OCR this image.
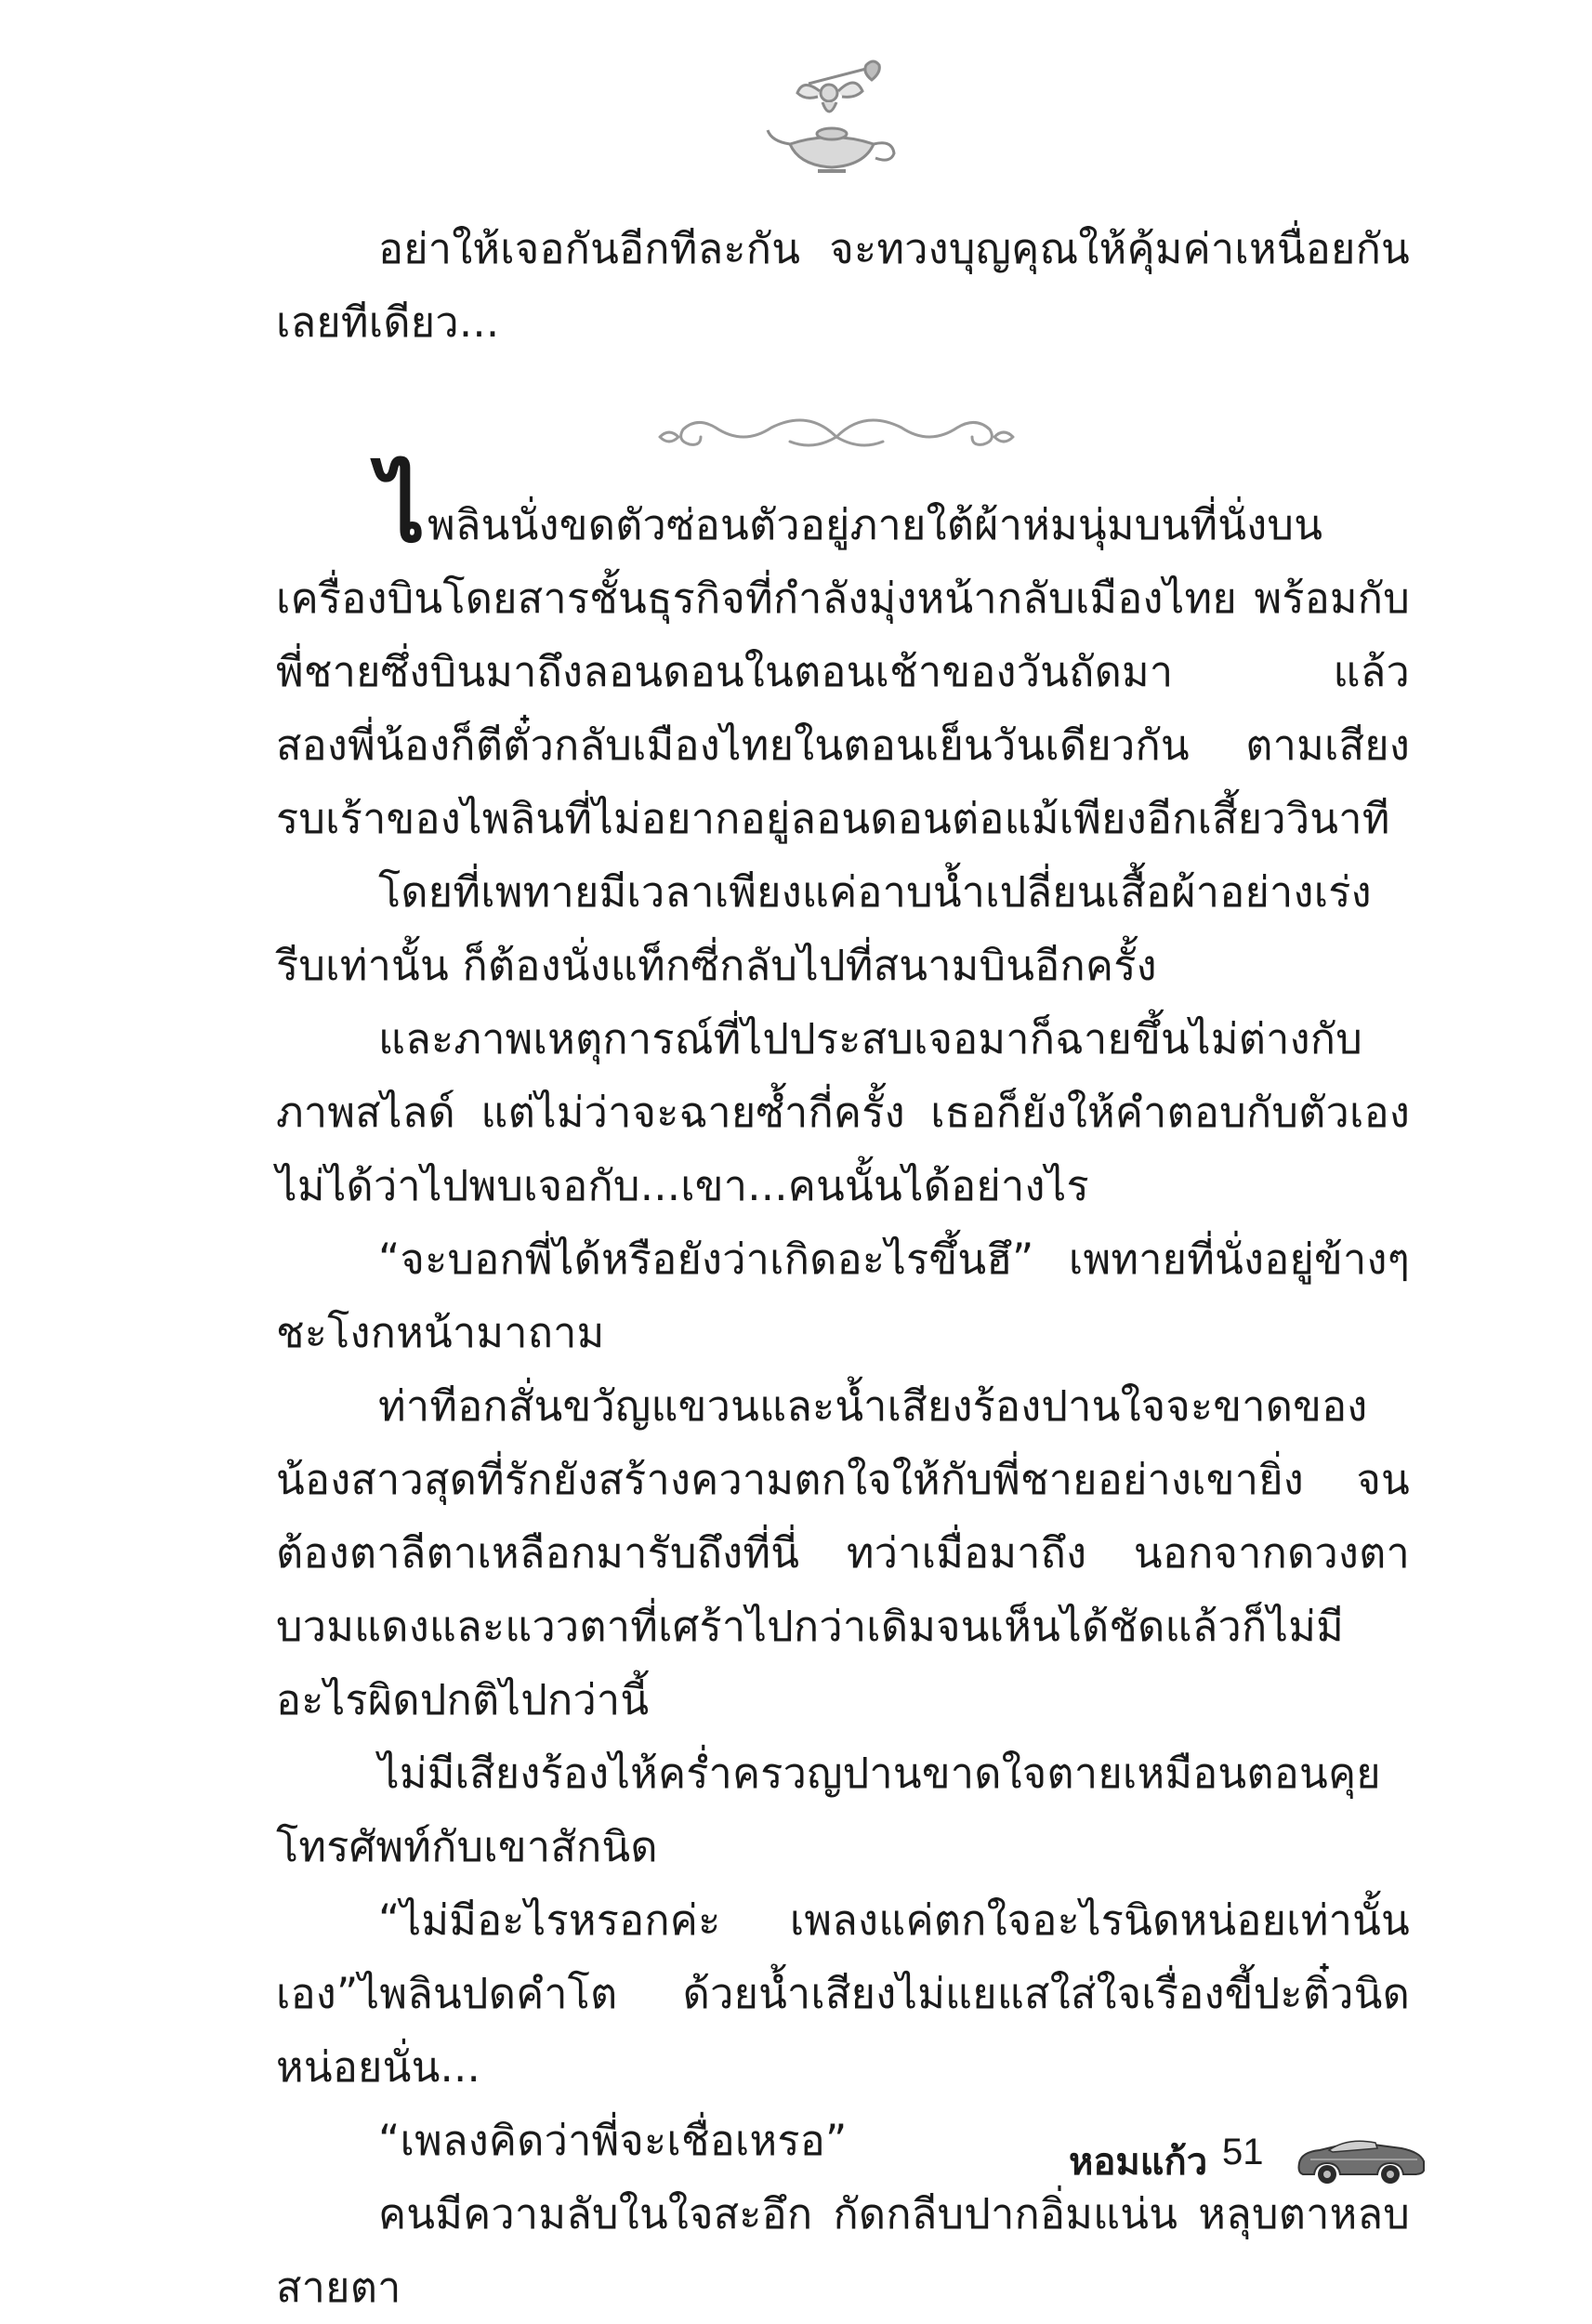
อย่าให้เจอกันอีกทีละกัน จะทวงบุญคุณให้คุ้มค่าเหนื่อยกันเลยทีเดียว...

ไ พลินนั่งขดตัวซ่อนตัวอยู่ภายใต้ผ้าห่มนุ่มบนที่นั่งบนเครื่องบินโดยสารชั้นธุรกิจที่กำลังมุ่งหน้ากลับเมืองไทย พร้อมกับพี่ชายซึ่งบินมาถึงลอนดอนในตอนเช้าของวันถัดมา แล้วสองพี่น้องก็ตีตั๋วกลับเมืองไทยในตอนเย็นวันเดียวกัน ตามเสียงรบเร้าของไพลินที่ไม่อยากอยู่ลอนดอนต่อแม้เพียงอีกเสี้ยววินาที

โดยที่เพทายมีเวลาเพียงแค่อาบน้ำเปลี่ยนเสื้อผ้าอย่างเร่งรีบเท่านั้น ก็ต้องนั่งแท็กซี่กลับไปที่สนามบินอีกครั้ง

และภาพเหตุการณ์ที่ไปประสบเจอมาก็ฉายขึ้นไม่ต่างกับภาพสไลด์ แต่ไม่ว่าจะฉายซ้ำกี่ครั้ง เธอก็ยังให้คำตอบกับตัวเองไม่ได้ว่าไปพบเจอกับ...เขา...คนนั้นได้อย่างไร

“จะบอกพี่ได้หรือยังว่าเกิดอะไรขึ้นฮึ” เพทายที่นั่งอยู่ข้างๆชะโงกหน้ามาถาม

ท่าทีอกสั่นขวัญแขวนและน้ำเสียงร้องปานใจจะขาดของน้องสาวสุดที่รักยังสร้างความตกใจให้กับพี่ชายอย่างเขายิ่ง จนต้องตาลีตาเหลือกมารับถึงที่นี่ ทว่าเมื่อมาถึง นอกจากดวงตาบวมแดงและแววตาที่เศร้าไปกว่าเดิมจนเห็นได้ชัดแล้วก็ไม่มีอะไรผิดปกติไปกว่านี้

ไม่มีเสียงร้องไห้คร่ำครวญปานขาดใจตายเหมือนตอนคุยโทรศัพท์กับเขาสักนิด

“ไม่มีอะไรหรอกค่ะ เพลงแค่ตกใจอะไรนิดหน่อยเท่านั้นเอง”ไพลินปดคำโต ด้วยน้ำเสียงไม่แยแสใส่ใจเรื่องขี้ปะติ๋วนิดหน่อยนั่น...

“เพลงคิดว่าพี่จะเชื่อเหรอ”

คนมีความลับในใจสะอึก กัดกลีบปากอิ่มแน่น หลุบตาหลบสายตา

หอมแก้ว 51
